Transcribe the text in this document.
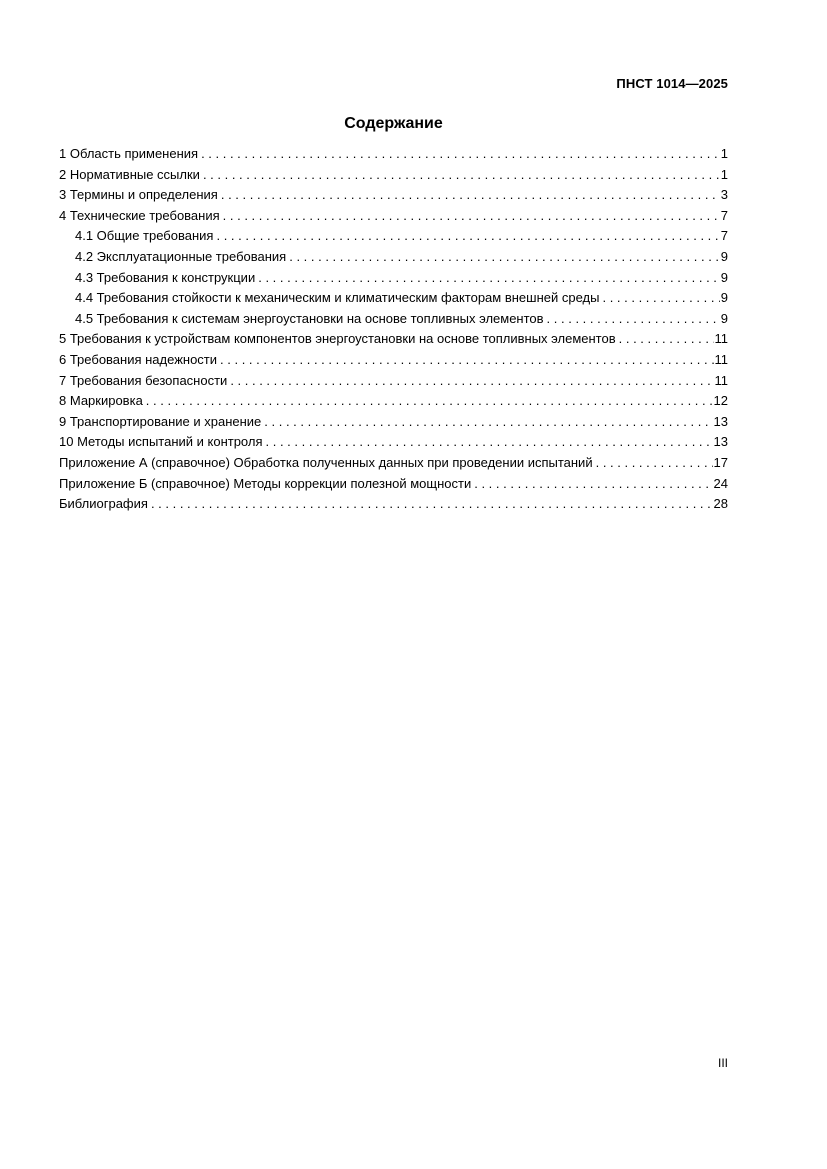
ПНСТ 1014—2025
Содержание
1 Область применения . . .	1
2 Нормативные ссылки . . .	1
3 Термины и определения . . .	3
4 Технические требования . . .	7
4.1 Общие требования . . .	7
4.2 Эксплуатационные требования . . .	9
4.3 Требования к конструкции . . .	9
4.4 Требования стойкости к механическим и климатическим факторам внешней среды . . .	9
4.5 Требования к системам энергоустановки на основе топливных элементов . . .	9
5 Требования к устройствам компонентов энергоустановки на основе топливных элементов . . .	11
6 Требования надежности . . .	11
7 Требования безопасности . . .	11
8 Маркировка . . .	12
9 Транспортирование и хранение . . .	13
10 Методы испытаний и контроля . . .	13
Приложение А (справочное) Обработка полученных данных при проведении испытаний . . .	17
Приложение Б (справочное) Методы коррекции полезной мощности . . .	24
Библиография . . .	28
III
